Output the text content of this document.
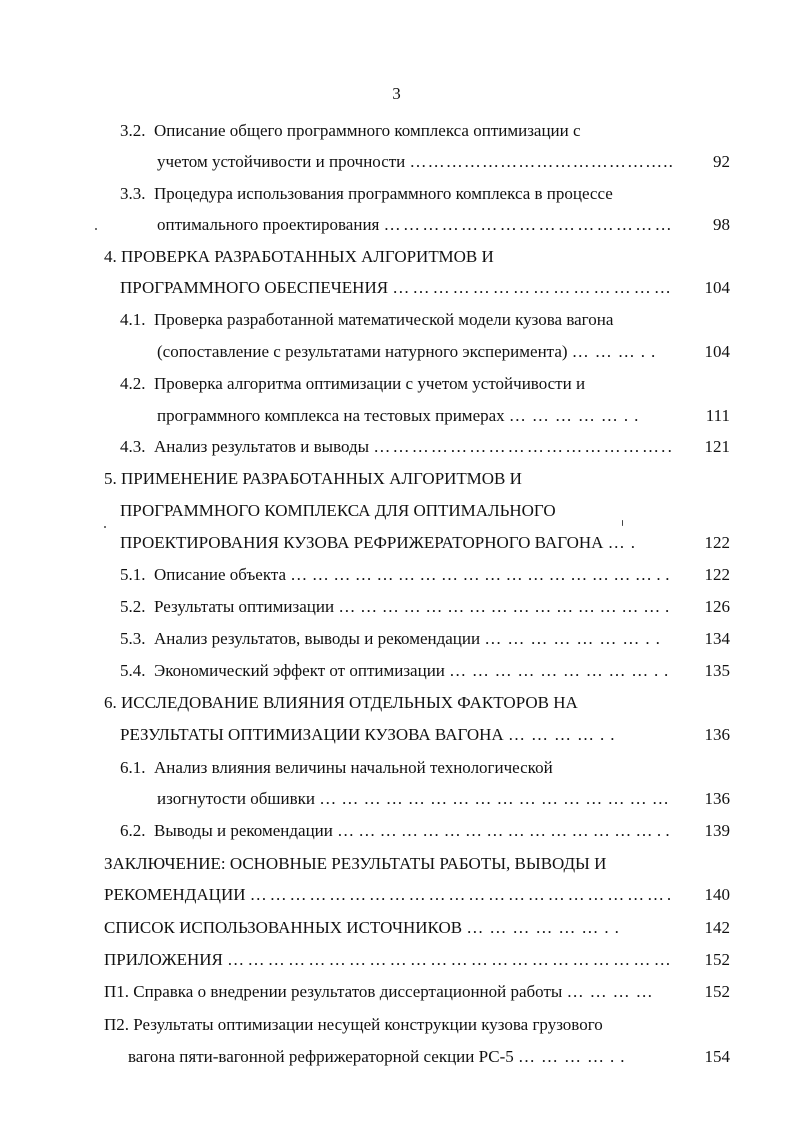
3
3.2.  Описание общего программного комплекса оптимизации с
учетом устойчивости и прочности ……………………………………..	92
3.3.  Процедура использования программного комплекса в процессе
оптимального проектирования ………………………………………	98
4. ПРОВЕРКА РАЗРАБОТАННЫХ АЛГОРИТМОВ И
ПРОГРАММНОГО ОБЕСПЕЧЕНИЯ ……………………………………	104
4.1.  Проверка разработанной математической модели кузова вагона
(сопоставление с результатами натурного эксперимента) ………..	104
4.2.  Проверка алгоритма оптимизации с учетом устойчивости и
программного комплекса на тестовых примерах ……………..	111
4.3.  Анализ результатов и выводы ………………………………………..	121
5. ПРИМЕНЕНИЕ РАЗРАБОТАННЫХ АЛГОРИТМОВ И
ПРОГРАММНОГО КОМПЛЕКСА ДЛЯ ОПТИМАЛЬНОГО
ПРОЕКТИРОВАНИЯ КУЗОВА РЕФРИЖЕРАТОРНОГО ВАГОНА ….	122
5.1.  Описание объекта ……………………………………………..	122
5.2.  Результаты оптимизации ……………………………………….	126
5.3.  Анализ результатов, выводы и рекомендации …………………..	134
5.4.  Экономический эффект от оптимизации ………………………..	135
6. ИССЛЕДОВАНИЕ ВЛИЯНИЯ ОТДЕЛЬНЫХ ФАКТОРОВ НА
РЕЗУЛЬТАТЫ ОПТИМИЗАЦИИ КУЗОВА ВАГОНА …………..	136
6.1.  Анализ влияния величины начальной технологической
изогнутости обшивки …………………………………………	136
6.2.  Выводы и рекомендации ………………………………………..	139
ЗАКЛЮЧЕНИЕ: ОСНОВНЫЕ РЕЗУЛЬТАТЫ РАБОТЫ, ВЫВОДЫ И
РЕКОМЕНДАЦИИ ……………………………………………………….	140
СПИСОК ИСПОЛЬЗОВАННЫХ ИСТОЧНИКОВ ………………..	142
ПРИЛОЖЕНИЯ …………………………………………………………	152
П1. Справка о внедрении результатов диссертационной работы …………	152
П2. Результаты оптимизации несущей конструкции кузова грузового
вагона пяти-вагонной рефрижераторной секции РС-5 …………..	154
